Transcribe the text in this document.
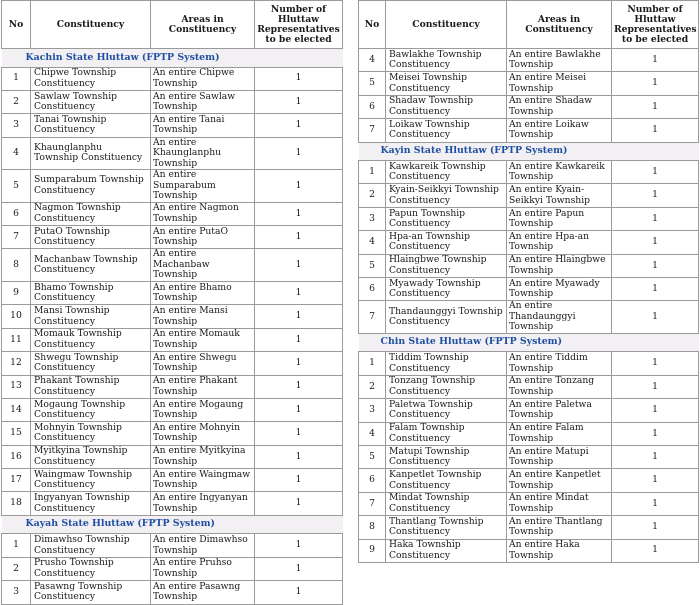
No	Constituency	Areas in Constituency	Number of Hluttaw Representatives to be elected
Kachin State Hluttaw (FPTP System)			
1	Chipwe Township Constituency	An entire Chipwe Township	1
2	Sawlaw Township Constituency	An entire Sawlaw Township	1
3	Tanai Township Constituency	An entire Tanai Township	1
4	Khaunglanphu Township Constituency	An entire Khaunglanphu Township	1
5	Sumparabum Township Constituency	An entire Sumparabum Township	1
6	Nagmon Township Constituency	An entire Nagmon Township	1
7	PutaO Township Constituency	An entire PutaO Township	1
8	Machanbaw Township Constituency	An entire Machanbaw Township	1
9	Bhamo Township Constituency	An entire Bhamo Township	1
10	Mansi Township Constituency	An entire Mansi Township	1
11	Momauk Township Constituency	An entire Momauk Township	1
12	Shwegu Township Constituency	An entire Shwegu Township	1
13	Phakant Township Constituency	An entire Phakant Township	1
14	Mogaung Township Constituency	An entire Mogaung Township	1
15	Mohnyin Township Constituency	An entire Mohnyin Township	1
16	Myitkyina Township Constituency	An entire Myitkyina Township	1
17	Waingmaw Township Constituency	An entire Waingmaw Township	1
18	Ingyanyan Township Constituency	An entire Ingyanyan Township	1
Kayah State Hluttaw (FPTP System)			
1	Dimawhso Township Constituency	An entire Dimawhso Township	1
2	Prusho Township Constituency	An entire Pruhso Township	1
3	Pasawng Township Constituency	An entire Pasawng Township	1
No	Constituency	Areas in Constituency	Number of Hluttaw Representatives to be elected
4	Bawlakhe Township Constituency	An entire Bawlakhe Township	1
5	Meisei Township Constituency	An entire Meisei Township	1
6	Shadaw Township Constituency	An entire Shadaw Township	1
7	Loikaw Township Constituency	An entire Loikaw Township	1
Kayin State Hluttaw (FPTP System)			
1	Kawkareik Township Constituency	An entire Kawkareik Township	1
2	Kyain-Seikkyi Township Constituency	An entire Kyain-Seikkyi Township	1
3	Papun Township Constituency	An entire Papun Township	1
4	Hpa-an Township Constituency	An entire Hpa-an Township	1
5	Hlaingbwe Township Constituency	An entire Hlaingbwe Township	1
6	Myawady Township Constituency	An entire Myawady Township	1
7	Thandaunggyi Township Constituency	An entire Thandaunggyi Township	1
Chin State Hluttaw (FPTP System)			
1	Tiddim Township Constituency	An entire Tiddim Township	1
2	Tonzang Township Constituency	An entire Tonzang Township	1
3	Paletwa Township Constituency	An entire Paletwa Township	1
4	Falam Township Constituency	An entire Falam Township	1
5	Matupi Township Constituency	An entire Matupi Township	1
6	Kanpetlet Township Constituency	An entire Kanpetlet Township	1
7	Mindat Township Constituency	An entire Mindat Township	1
8	Thantlang Township Constituency	An entire Thantlang Township	1
9	Haka Township Constituency	An entire Haka Township	1
